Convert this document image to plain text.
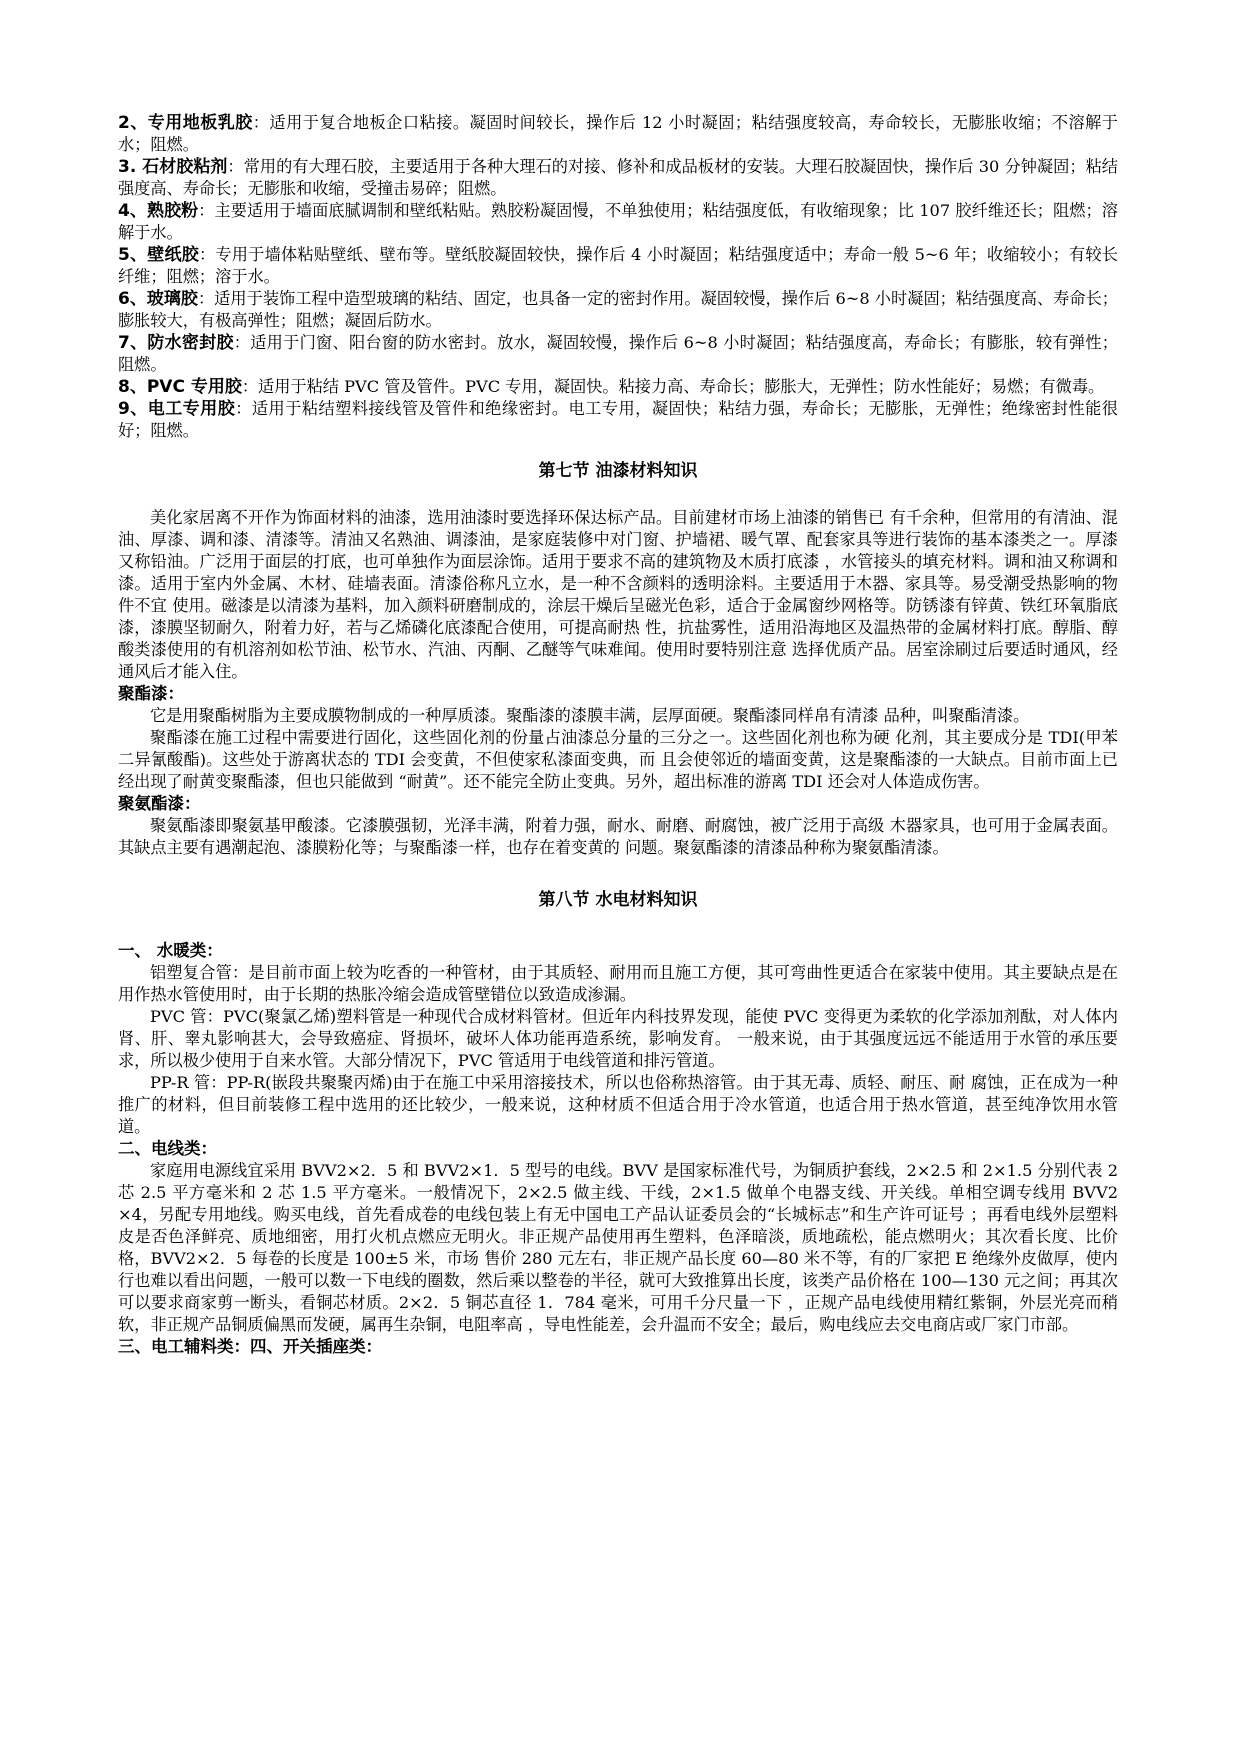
2、专用地板乳胶：适用于复合地板企口粘接。凝固时间较长，操作后 12 小时凝固；粘结强度较高，寿命较长，无膨胀收缩；不溶解于水；阻燃。

3. 石材胶粘剂：常用的有大理石胶，主要适用于各种大理石的对接、修补和成品板材的安装。大理石胶凝固快，操作后 30 分钟凝固；粘结强度高、寿命长；无膨胀和收缩，受撞击易碎；阻燃。

4、熟胶粉：主要适用于墙面底腻调制和壁纸粘贴。熟胶粉凝固慢，不单独使用；粘结强度低，有收缩现象；比 107 胶纤维还长；阻燃；溶解于水。

5、壁纸胶：专用于墙体粘贴壁纸、壁布等。壁纸胶凝固较快，操作后 4 小时凝固；粘结强度适中；寿命一般 5~6 年；收缩较小；有较长纤维；阻燃；溶于水。

6、玻璃胶：适用于装饰工程中造型玻璃的粘结、固定，也具备一定的密封作用。凝固较慢，操作后 6~8 小时凝固；粘结强度高、寿命长；膨胀较大，有极高弹性；阻燃；凝固后防水。

7、防水密封胶：适用于门窗、阳台窗的防水密封。放水，凝固较慢，操作后 6~8 小时凝固；粘结强度高，寿命长；有膨胀，较有弹性；阻燃。

8、PVC 专用胶：适用于粘结 PVC 管及管件。PVC 专用，凝固快。粘接力高、寿命长；膨胀大，无弹性；防水性能好；易燃；有微毒。

9、电工专用胶：适用于粘结塑料接线管及管件和绝缘密封。电工专用，凝固快；粘结力强，寿命长；无膨胀，无弹性；绝缘密封性能很好；阻燃。

第七节 油漆材料知识

美化家居离不开作为饰面材料的油漆，选用油漆时要选择环保达标产品。目前建材市场上油漆的销售已 有千余种，但常用的有清油、混油、厚漆、调和漆、清漆等。清油又名熟油、调漆油，是家庭装修中对门窗、护墙裙、暖气罩、配套家具等进行装饰的基本漆类之一。厚漆又称铅油。广泛用于面层的打底，也可单独作为面层涂饰。适用于要求不高的建筑物及木质打底漆 ，水管接头的填充材料。调和油又称调和漆。适用于室内外金属、木材、硅墙表面。清漆俗称凡立水，是一种不含颜料的透明涂料。主要适用于木器、家具等。易受潮受热影响的物件不宜 使用。磁漆是以清漆为基料，加入颜料研磨制成的，涂层干燥后呈磁光色彩，适合于金属窗纱网格等。防锈漆有锌黄、铁红环氧脂底漆，漆膜坚韧耐久，附着力好，若与乙烯磷化底漆配合使用，可提高耐热 性，抗盐雾性，适用沿海地区及温热带的金属材料打底。醇脂、醇酸类漆使用的有机溶剂如松节油、松节水、汽油、丙酮、乙醚等气味难闻。使用时要特别注意 选择优质产品。居室涂刷过后要适时通风，经通风后才能入住。

聚酯漆：

它是用聚酯树脂为主要成膜物制成的一种厚质漆。聚酯漆的漆膜丰满，层厚面硬。聚酯漆同样帛有清漆 品种，叫聚酯清漆。

聚酯漆在施工过程中需要进行固化，这些固化剂的份量占油漆总分量的三分之一。这些固化剂也称为硬 化剂，其主要成分是 TDI(甲苯二异氰酸酯)。这些处于游离状态的 TDI 会变黄，不但使家私漆面变典，而 且会使邻近的墙面变黄，这是聚酯漆的一大缺点。目前市面上已经出现了耐黄变聚酯漆，但也只能做到 “耐黄”。还不能完全防止变典。另外，超出标准的游离 TDI 还会对人体造成伤害。

聚氨酯漆：

聚氨酯漆即聚氨基甲酸漆。它漆膜强韧，光泽丰满，附着力强，耐水、耐磨、耐腐蚀，被广泛用于高级 木器家具，也可用于金属表面。其缺点主要有遇潮起泡、漆膜粉化等；与聚酯漆一样，也存在着变黄的 问题。聚氨酯漆的清漆品种称为聚氨酯清漆。

第八节 水电材料知识

一、 水暖类：

铝塑复合管：是目前市面上较为吃香的一种管材，由于其质轻、耐用而且施工方便，其可弯曲性更适合在家装中使用。其主要缺点是在用作热水管使用时，由于长期的热胀冷缩会造成管壁错位以致造成渗漏。

PVC 管：PVC(聚氯乙烯)塑料管是一种现代合成材料管材。但近年内科技界发现，能使 PVC 变得更为柔软的化学添加剂酞，对人体内肾、肝、睾丸影响甚大，会导致癌症、肾损坏，破坏人体功能再造系统，影响发育。 一般来说，由于其强度远远不能适用于水管的承压要求，所以极少使用于自来水管。大部分情况下，PVC 管适用于电线管道和排污管道。

PP-R 管：PP-R(嵌段共聚聚丙烯)由于在施工中采用溶接技术，所以也俗称热溶管。由于其无毒、质轻、耐压、耐 腐蚀，正在成为一种推广的材料，但目前装修工程中选用的还比较少，一般来说，这种材质不但适合用于冷水管道，也适合用于热水管道，甚至纯净饮用水管道。

二、电线类：

家庭用电源线宜采用 BVV2×2．5 和 BVV2×1．5 型号的电线。BVV 是国家标准代号，为铜质护套线，2×2.5 和 2×1.5 分别代表 2 芯 2.5 平方毫米和 2 芯 1.5 平方毫米。一般情况下，2×2.5 做主线、干线，2×1.5 做单个电器支线、开关线。单相空调专线用 BVV2 ×4，另配专用地线。购买电线，首先看成卷的电线包装上有无中国电工产品认证委员会的“长城标志”和生产许可证号 ；再看电线外层塑料皮是否色泽鲜亮、质地细密，用打火机点燃应无明火。非正规产品使用再生塑料，色泽暗淡，质地疏松，能点燃明火；其次看长度、比价格，BVV2×2．5 每卷的长度是 100±5 米，市场 售价 280 元左右，非正规产品长度 60—80 米不等，有的厂家把 E 绝缘外皮做厚，使内行也难以看出问题，一般可以数一下电线的圈数，然后乘以整卷的半径，就可大致推算出长度，该类产品价格在 100—130 元之间；再其次可以要求商家剪一断头，看铜芯材质。2×2．5 铜芯直径 1．784 毫米，可用千分尺量一下 ，正规产品电线使用精红紫铜，外层光亮而稍软，非正规产品铜质偏黑而发硬，属再生杂铜，电阻率高 ，导电性能差，会升温而不安全；最后，购电线应去交电商店或厂家门市部。

三、电工辅料类：四、开关插座类：
